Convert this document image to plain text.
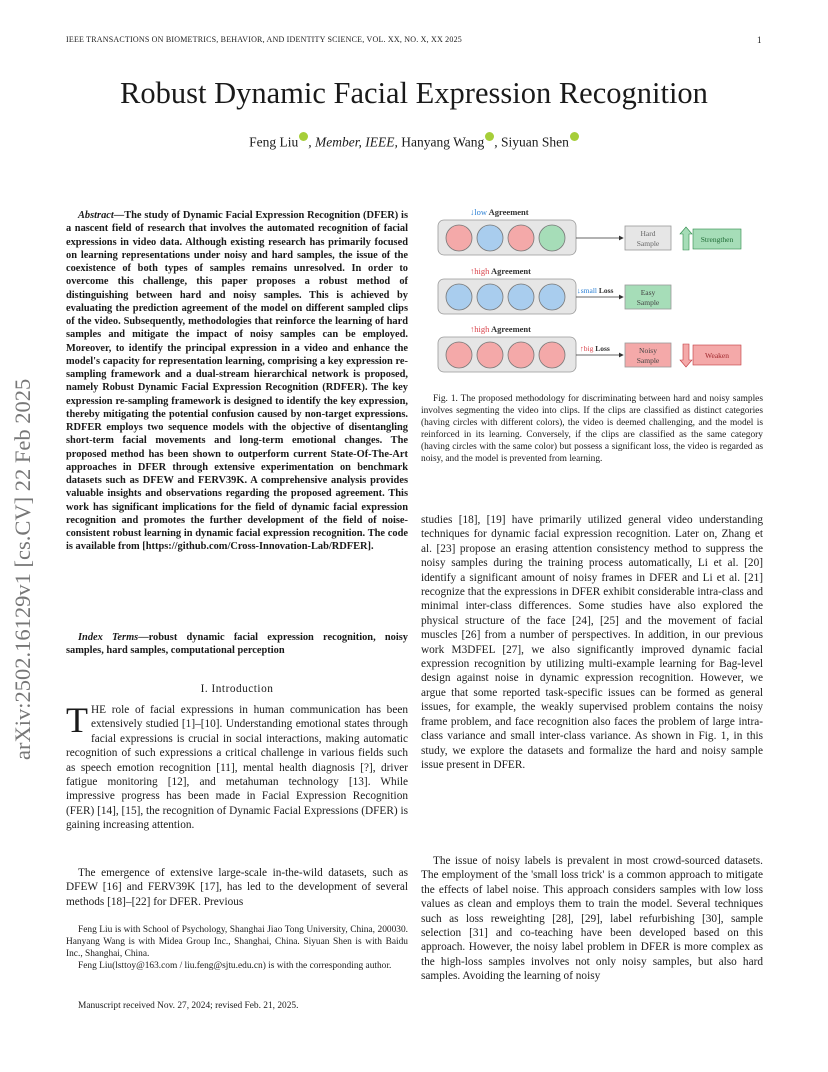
IEEE TRANSACTIONS ON BIOMETRICS, BEHAVIOR, AND IDENTITY SCIENCE, VOL. XX, NO. X, XX 2025	1
Robust Dynamic Facial Expression Recognition
Feng Liu , Member, IEEE, Hanyang Wang , Siyuan Shen
arXiv:2502.16129v1 [cs.CV] 22 Feb 2025
Abstract—The study of Dynamic Facial Expression Recognition (DFER) is a nascent field of research that involves the automated recognition of facial expressions in video data. Although existing research has primarily focused on learning representations under noisy and hard samples, the issue of the coexistence of both types of samples remains unresolved. In order to overcome this challenge, this paper proposes a robust method of distinguishing between hard and noisy samples. This is achieved by evaluating the prediction agreement of the model on different sampled clips of the video. Subsequently, methodologies that reinforce the learning of hard samples and mitigate the impact of noisy samples can be employed. Moreover, to identify the principal expression in a video and enhance the model's capacity for representation learning, comprising a key expression re-sampling framework and a dual-stream hierarchical network is proposed, namely Robust Dynamic Facial Expression Recognition (RDFER). The key expression re-sampling framework is designed to identify the key expression, thereby mitigating the potential confusion caused by non-target expressions. RDFER employs two sequence models with the objective of disentangling short-term facial movements and long-term emotional changes. The proposed method has been shown to outperform current State-Of-The-Art approaches in DFER through extensive experimentation on benchmark datasets such as DFEW and FERV39K. A comprehensive analysis provides valuable insights and observations regarding the proposed agreement. This work has significant implications for the field of dynamic facial expression recognition and promotes the further development of the field of noise-consistent robust learning in dynamic facial expression recognition. The code is available from [https://github.com/Cross-Innovation-Lab/RDFER].
Index Terms—robust dynamic facial expression recognition, noisy samples, hard samples, computational perception
I. Introduction
THE role of facial expressions in human communication has been extensively studied [1]–[10]. Understanding emotional states through facial expressions is crucial in social interactions, making automatic recognition of such expressions a critical challenge in various fields such as speech emotion recognition [11], mental health diagnosis [?], driver fatigue monitoring [12], and metahuman technology [13]. While impressive progress has been made in Facial Expression Recognition (FER) [14], [15], the recognition of Dynamic Facial Expressions (DFER) is gaining increasing attention.
The emergence of extensive large-scale in-the-wild datasets, such as DFEW [16] and FERV39K [17], has led to the development of several methods [18]–[22] for DFER. Previous
Feng Liu is with School of Psychology, Shanghai Jiao Tong University, China, 200030. Hanyang Wang is with Midea Group Inc., Shanghai, China. Siyuan Shen is with Baidu Inc., Shanghai, China.
Feng Liu(lsttoy@163.com / liu.feng@sjtu.edu.cn) is with the corresponding author.
Manuscript received Nov. 27, 2024; revised Feb. 21, 2025.
↓low Agreement
Hard
Sample	Strengthen
↑high Agreement
↓small Loss	Easy
Sample
↑high Agreement
↑big Loss	Noisy
Sample
Weaken
Fig. 1. The proposed methodology for discriminating between hard and noisy samples involves segmenting the video into clips. If the clips are classified as distinct categories (having circles with different colors), the video is deemed challenging, and the model is reinforced in its learning. Conversely, if the clips are classified as the same category (having circles with the same color) but possess a significant loss, the video is regarded as noisy, and the model is prevented from learning.
studies [18], [19] have primarily utilized general video understanding techniques for dynamic facial expression recognition. Later on, Zhang et al. [23] propose an erasing attention consistency method to suppress the noisy samples during the training process automatically, Li et al. [20] identify a significant amount of noisy frames in DFER and Li et al. [21] recognize that the expressions in DFER exhibit considerable intra-class and minimal inter-class differences. Some studies have also explored the physical structure of the face [24], [25] and the movement of facial muscles [26] from a number of perspectives. In addition, in our previous work M3DFEL [27], we also significantly improved dynamic facial expression recognition by utilizing multi-example learning for Bag-level design against noise in dynamic expression recognition. However, we argue that some reported task-specific issues can be formed as general issues, for example, the weakly supervised problem contains the noisy frame problem, and face recognition also faces the problem of large intra-class variance and small inter-class variance. As shown in Fig. 1, in this study, we explore the datasets and formalize the hard and noisy sample issue present in DFER.
The issue of noisy labels is prevalent in most crowd-sourced datasets. The employment of the 'small loss trick' is a common approach to mitigate the effects of label noise. This approach considers samples with low loss values as clean and employs them to train the model. Several techniques such as loss reweighting [28], [29], label refurbishing [30], sample selection [31] and co-teaching have been developed based on this approach. However, the noisy label problem in DFER is more complex as the high-loss samples involves not only noisy samples, but also hard samples. Avoiding the learning of noisy
